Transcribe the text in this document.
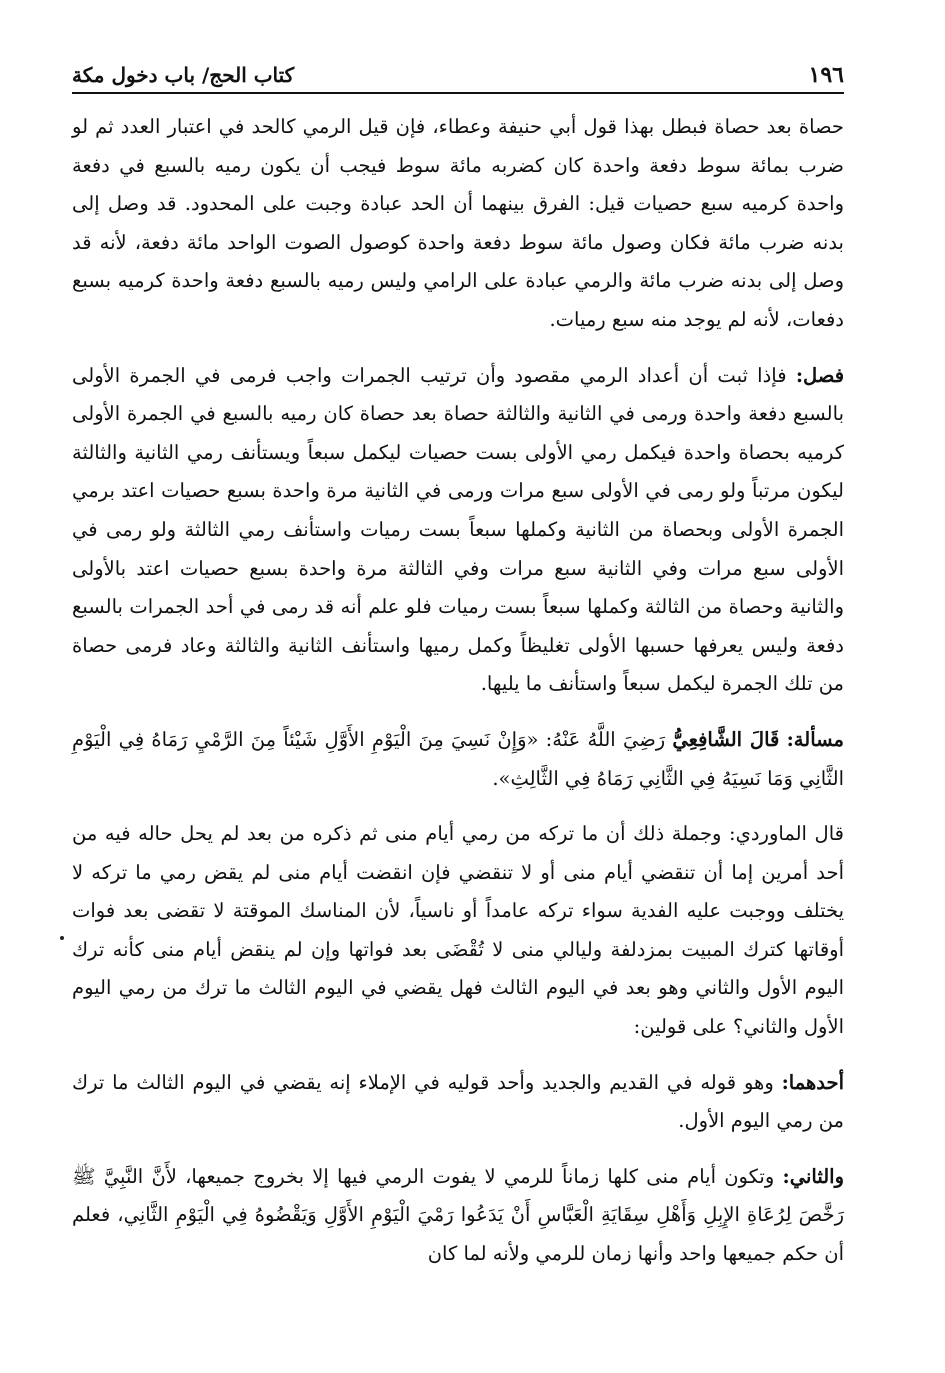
١٩٦
كتاب الحج/ باب دخول مكة

حصاة بعد حصاة فبطل بهذا قول أبي حنيفة وعطاء، فإن قيل الرمي كالحد في اعتبار العدد ثم لو ضرب بمائة سوط دفعة واحدة كان كضربه مائة سوط فيجب أن يكون رميه بالسبع في دفعة واحدة كرميه سبع حصيات قيل: الفرق بينهما أن الحد عبادة وجبت على المحدود. قد وصل إلى بدنه ضرب مائة فكان وصول مائة سوط دفعة واحدة كوصول الصوت الواحد مائة دفعة، لأنه قد وصل إلى بدنه ضرب مائة والرمي عبادة على الرامي وليس رميه بالسبع دفعة واحدة كرميه بسبع دفعات، لأنه لم يوجد منه سبع رميات.

فصل: فإذا ثبت أن أعداد الرمي مقصود وأن ترتيب الجمرات واجب فرمى في الجمرة الأولى بالسبع دفعة واحدة ورمى في الثانية والثالثة حصاة بعد حصاة كان رميه بالسبع في الجمرة الأولى كرميه بحصاة واحدة فيكمل رمي الأولى بست حصيات ليكمل سبعاً ويستأنف رمي الثانية والثالثة ليكون مرتباً ولو رمى في الأولى سبع مرات ورمى في الثانية مرة واحدة بسبع حصيات اعتد برمي الجمرة الأولى وبحصاة من الثانية وكملها سبعاً بست رميات واستأنف رمي الثالثة ولو رمى في الأولى سبع مرات وفي الثانية سبع مرات وفي الثالثة مرة واحدة بسبع حصيات اعتد بالأولى والثانية وحصاة من الثالثة وكملها سبعاً بست رميات فلو علم أنه قد رمى في أحد الجمرات بالسبع دفعة وليس يعرفها حسبها الأولى تغليظاً وكمل رميها واستأنف الثانية والثالثة وعاد فرمى حصاة من تلك الجمرة ليكمل سبعاً واستأنف ما يليها.

مسألة: قَالَ الشَّافِعِيُّ رَضِيَ اللَّهُ عَنْهُ: «وَإِنْ نَسِيَ مِنَ الْيَوْمِ الأَوَّلِ شَيْئاً مِنَ الرَّمْيِ رَمَاهُ فِي الْيَوْمِ الثَّانِي وَمَا نَسِيَهُ فِي الثَّانِي رَمَاهُ فِي الثَّالِثِ».

قال الماوردي: وجملة ذلك أن ما تركه من رمي أيام منى ثم ذكره من بعد لم يحل حاله فيه من أحد أمرين إما أن تنقضي أيام منى أو لا تنقضي فإن انقضت أيام منى لم يقض رمي ما تركه لا يختلف ووجبت عليه الفدية سواء تركه عامداً أو ناسياً، لأن المناسك الموقتة لا تقضى بعد فوات أوقاتها كترك المبيت بمزدلفة وليالي منى لا تُقْضَى بعد فواتها وإن لم ينقض أيام منى كأنه ترك اليوم الأول والثاني وهو بعد في اليوم الثالث فهل يقضي في اليوم الثالث ما ترك من رمي اليوم الأول والثاني؟ على قولين:

أحدهما: وهو قوله في القديم والجديد وأحد قوليه في الإملاء إنه يقضي في اليوم الثالث ما ترك من رمي اليوم الأول.

والثاني: وتكون أيام منى كلها زماناً للرمي لا يفوت الرمي فيها إلا بخروج جميعها، لأَنَّ النَّبِيَّ ﷺ رَخَّصَ لِرُعَاةِ الإِبِلِ وَأَهْلِ سِقَايَةِ الْعَبَّاسِ أَنْ يَدَعُوا رَمْيَ الْيَوْمِ الأَوَّلِ وَيَقْضُوهُ فِي الْيَوْمِ الثَّانِي، فعلم أن حكم جميعها واحد وأنها زمان للرمي ولأنه لما كان
